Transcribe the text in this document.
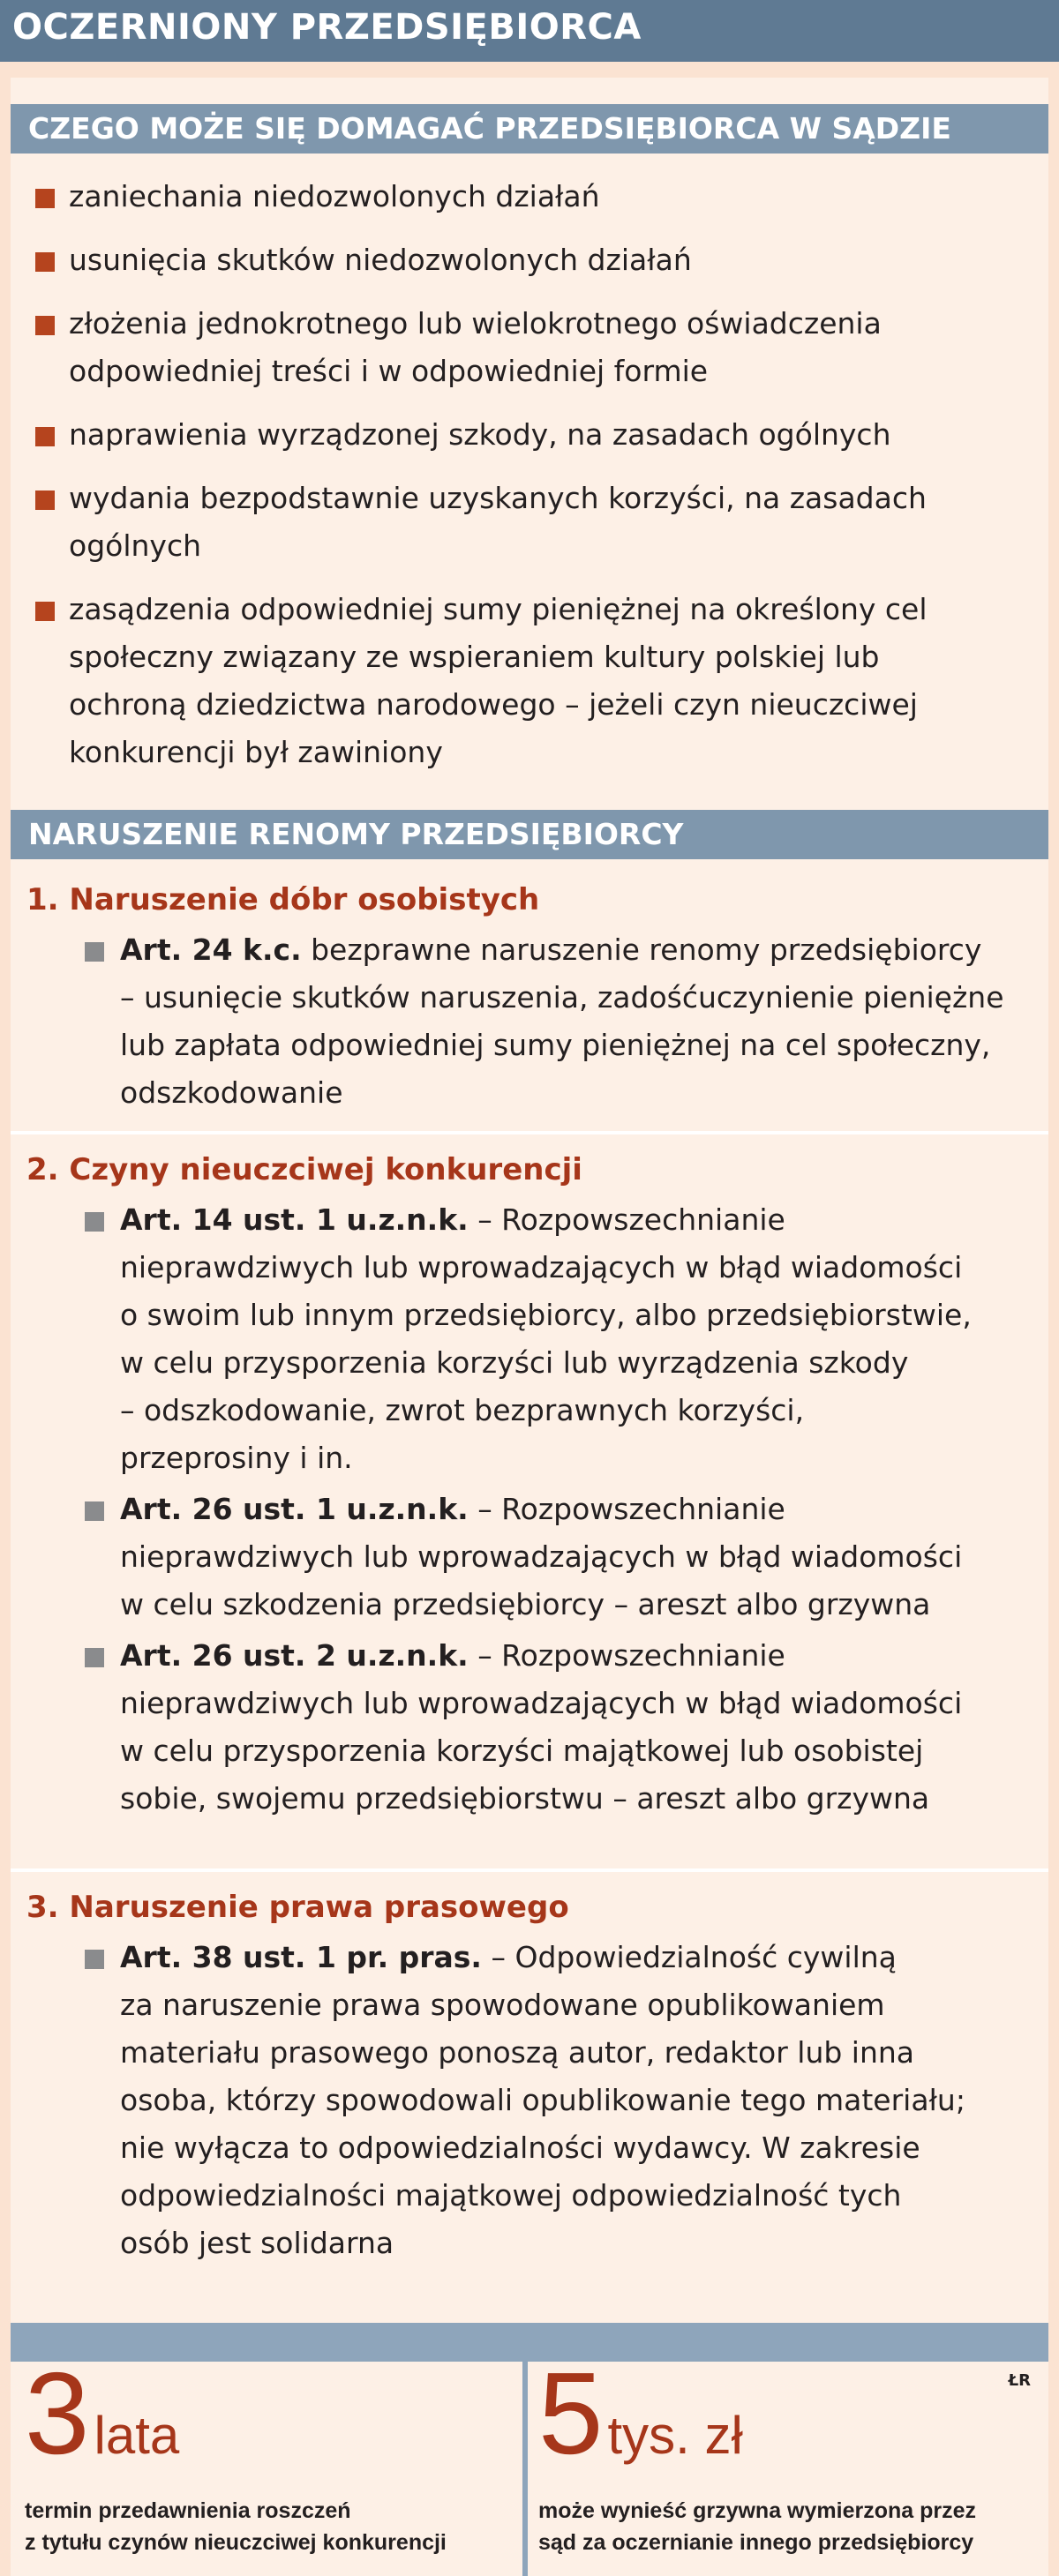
OCZERNIONY PRZEDSIĘBIORCA
CZEGO MOŻE SIĘ DOMAGAĆ PRZEDSIĘBIORCA W SĄDZIE
zaniechania niedozwolonych działań
usunięcia skutków niedozwolonych działań
złożenia jednokrotnego lub wielokrotnego oświadczenia
odpowiedniej treści i w odpowiedniej formie
naprawienia wyrządzonej szkody, na zasadach ogólnych
wydania bezpodstawnie uzyskanych korzyści, na zasadach
ogólnych
zasądzenia odpowiedniej sumy pieniężnej na określony cel
społeczny związany ze wspieraniem kultury polskiej lub
ochroną dziedzictwa narodowego – jeżeli czyn nieuczciwej
konkurencji był zawiniony
NARUSZENIE RENOMY PRZEDSIĘBIORCY
1. Naruszenie dóbr osobistych
Art. 24 k.c. bezprawne naruszenie renomy przedsiębiorcy
– usunięcie skutków naruszenia, zadośćuczynienie pieniężne
lub zapłata odpowiedniej sumy pieniężnej na cel społeczny,
odszkodowanie
2. Czyny nieuczciwej konkurencji
Art. 14 ust. 1 u.z.n.k. – Rozpowszechnianie
nieprawdziwych lub wprowadzających w błąd wiadomości
o swoim lub innym przedsiębiorcy, albo przedsiębiorstwie,
w celu przysporzenia korzyści lub wyrządzenia szkody
– odszkodowanie, zwrot bezprawnych korzyści,
przeprosiny i in.
Art. 26 ust. 1 u.z.n.k. – Rozpowszechnianie
nieprawdziwych lub wprowadzających w błąd wiadomości
w celu szkodzenia przedsiębiorcy – areszt albo grzywna
Art. 26 ust. 2 u.z.n.k. – Rozpowszechnianie
nieprawdziwych lub wprowadzających w błąd wiadomości
w celu przysporzenia korzyści majątkowej lub osobistej
sobie, swojemu przedsiębiorstwu – areszt albo grzywna
3. Naruszenie prawa prasowego
Art. 38 ust. 1 pr. pras. – Odpowiedzialność cywilną
za naruszenie prawa spowodowane opublikowaniem
materiału prasowego ponoszą autor, redaktor lub inna
osoba, którzy spowodowali opublikowanie tego materiału;
nie wyłącza to odpowiedzialności wydawcy. W zakresie
odpowiedzialności majątkowej odpowiedzialność tych
osób jest solidarna
ŁR
3 lata
termin przedawnienia roszczeń
z tytułu czynów nieuczciwej konkurencji
5 tys. zł
może wynieść grzywna wymierzona przez
sąd za oczernianie innego przedsiębiorcy
